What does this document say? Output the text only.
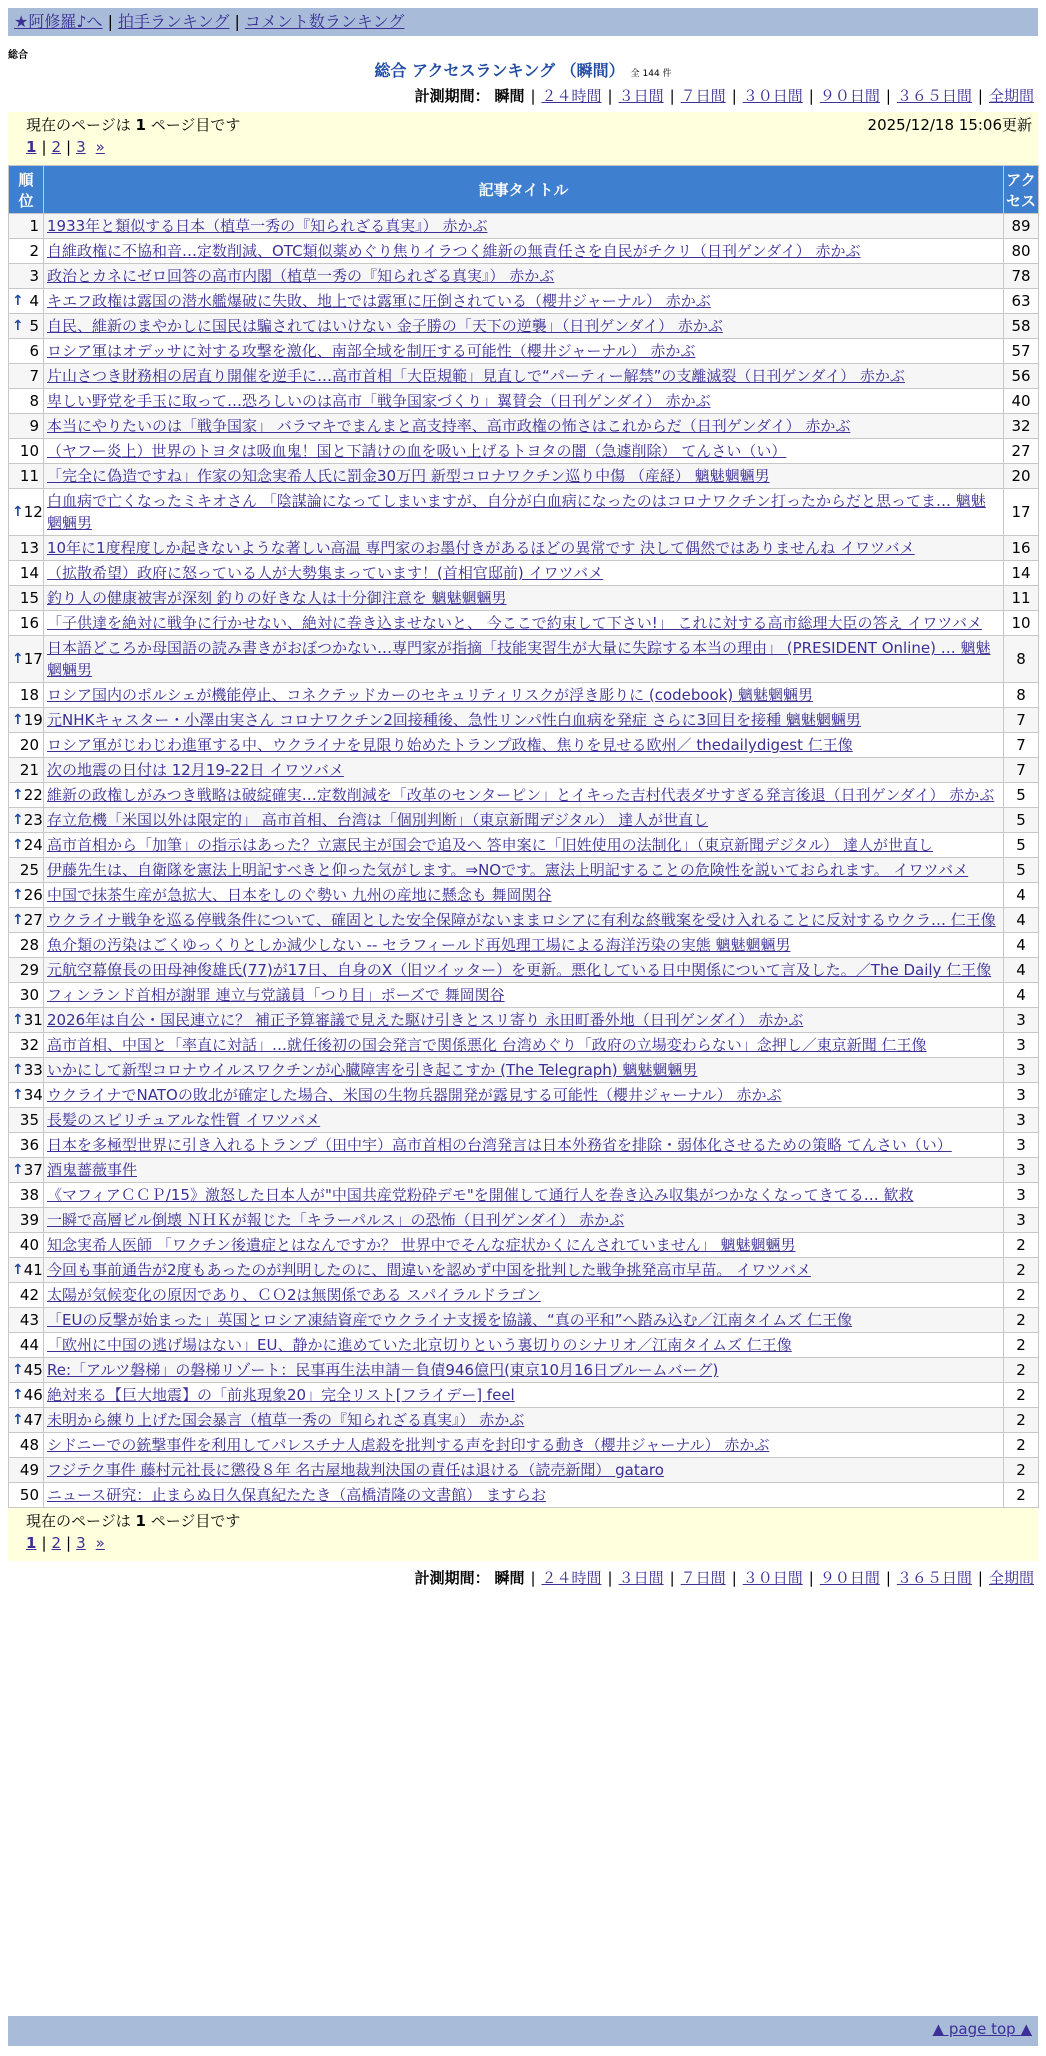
★阿修羅♪へ | 拍手ランキング | コメント数ランキング
総合
総合 アクセスランキング （瞬間） 全 144 件
計測期間： 瞬間 | ２４時間 | ３日間 | ７日間 | ３０日間 | ９０日間 | ３６５日間 | 全期間
現在のページは 1 ページ目です	2025/12/18 15:06更新
1 | 2 | 3 »
順
位	記事タイトル	アク
セス
1	1933年と類似する日本（植草一秀の『知られざる真実』） 赤かぶ	89
2	自維政権に不協和音…定数削減、OTC類似薬めぐり焦りイラつく維新の無責任さを自民がチクリ（日刊ゲンダイ） 赤かぶ	80
3	政治とカネにゼロ回答の高市内閣（植草一秀の『知られざる真実』） 赤かぶ	78

↑ 4	キエフ政権は露国の潜水艦爆破に失敗、地上では露軍に圧倒されている（櫻井ジャーナル） 赤かぶ	63

↑ 5	自民、維新のまやかしに国民は騙されてはいけない 金子勝の「天下の逆襲」（日刊ゲンダイ） 赤かぶ	58
6	ロシア軍はオデッサに対する攻撃を激化、南部全域を制圧する可能性（櫻井ジャーナル） 赤かぶ	57
7	片山さつき財務相の居直り開催を逆手に…高市首相「大臣規範」見直しで“パーティー解禁”の支離滅裂（日刊ゲンダイ） 赤かぶ	56
8	卑しい野党を手玉に取って…恐ろしいのは高市「戦争国家づくり」翼賛会（日刊ゲンダイ） 赤かぶ	40
9	本当にやりたいのは「戦争国家」 バラマキでまんまと高支持率、高市政権の怖さはこれからだ（日刊ゲンダイ） 赤かぶ	32
10	（ヤフー炎上）世界のトヨタは吸血鬼！国と下請けの血を吸い上げるトヨタの闇（急遽削除） てんさい（い）	27
11	「完全に偽造ですね」作家の知念実希人氏に罰金30万円 新型コロナワクチン巡り中傷 （産経） 魑魅魍魎男	20

↑ 12	白血病で亡くなったミキオさん 「陰謀論になってしまいますが、自分が白血病になったのはコロナワクチン打ったからだと思ってま… 魑魅魍魎男	17
13	10年に1度程度しか起きないような著しい高温 専門家のお墨付きがあるほどの異常です 決して偶然ではありませんね イワツバメ	16
14	（拡散希望）政府に怒っている人が大勢集まっています！(首相官邸前) イワツバメ	14
15	釣り人の健康被害が深刻 釣りの好きな人は十分御注意を 魑魅魍魎男	11
16	「子供達を絶対に戦争に行かせない、絶対に巻き込ませないと、 今ここで約束して下さい!」 これに対する高市総理大臣の答え イワツバメ	10

↑ 17	日本語どころか母国語の読み書きがおぼつかない…専門家が指摘「技能実習生が大量に失踪する本当の理由」 (PRESIDENT Online) … 魑魅魍魎男	8
18	ロシア国内のポルシェが機能停止、コネクテッドカーのセキュリティリスクが浮き彫りに (codebook) 魑魅魍魎男	8

↑ 19	元NHKキャスター・小澤由実さん コロナワクチン2回接種後、急性リンパ性白血病を発症 さらに3回目を接種 魑魅魍魎男	7
20	ロシア軍がじわじわ進軍する中、ウクライナを見限り始めたトランプ政権、焦りを見せる欧州／ thedailydigest 仁王像	7
21	次の地震の日付は 12月19-22日 イワツバメ	7

↑ 22	維新の政権しがみつき戦略は破綻確実…定数削減を「改革のセンターピン」とイキった吉村代表ダサすぎる発言後退（日刊ゲンダイ） 赤かぶ	5

↑ 23	存立危機「米国以外は限定的」 高市首相、台湾は「個別判断」（東京新聞デジタル） 達人が世直し	5

↑ 24	高市首相から「加筆」の指示はあった？立憲民主が国会で追及へ 答申案に「旧姓使用の法制化」（東京新聞デジタル） 達人が世直し	5
25	伊藤先生は、自衛隊を憲法上明記すべきと仰った気がします。⇒NOです。憲法上明記することの危険性を説いておられます。 イワツバメ	5

↑ 26	中国で抹茶生産が急拡大、日本をしのぐ勢い 九州の産地に懸念も 舞岡関谷	4

↑ 27	ウクライナ戦争を巡る停戦条件について、確固とした安全保障がないままロシアに有利な終戦案を受け入れることに反対するウクラ… 仁王像	4
28	魚介類の汚染はごくゆっくりとしか減少しない -- セラフィールド再処理工場による海洋汚染の実態 魑魅魍魎男	4
29	元航空幕僚長の田母神俊雄氏(77)が17日、自身のX（旧ツイッター）を更新。悪化している日中関係について言及した。／The Daily 仁王像	4
30	フィンランド首相が謝罪 連立与党議員「つり目」ポーズで 舞岡関谷	4

↑ 31	2026年は自公・国民連立に？ 補正予算審議で見えた駆け引きとスリ寄り 永田町番外地（日刊ゲンダイ） 赤かぶ	3
32	高市首相、中国と「率直に対話」…就任後初の国会発言で関係悪化 台湾めぐり「政府の立場変わらない」念押し／東京新聞 仁王像	3

↑ 33	いかにして新型コロナウイルスワクチンが心臓障害を引き起こすか (The Telegraph) 魑魅魍魎男	3

↑ 34	ウクライナでNATOの敗北が確定した場合、米国の生物兵器開発が露見する可能性（櫻井ジャーナル） 赤かぶ	3
35	長髪のスピリチュアルな性質 イワツバメ	3
36	日本を多極型世界に引き入れるトランプ（田中宇）高市首相の台湾発言は日本外務省を排除・弱体化させるための策略 てんさい（い）	3

↑ 37	酒鬼薔薇事件	3
38	《マフィアＣＣＰ/15》激怒した日本人が"中国共産党粉砕デモ"を開催して通行人を巻き込み収集がつかなくなってきてる… 歓救	3
39	一瞬で高層ビル倒壊 ＮＨＫが報じた「キラーパルス」の恐怖（日刊ゲンダイ） 赤かぶ	3
40	知念実希人医師 「ワクチン後遺症とはなんですか？ 世界中でそんな症状かくにんされていません」 魑魅魍魎男	2

↑ 41	今回も事前通告が2度もあったのが判明したのに、間違いを認めず中国を批判した戦争挑発高市早苗。 イワツバメ	2
42	太陽が気候変化の原因であり、ＣＯ2は無関係である スパイラルドラゴン	2
43	「EUの反撃が始まった」英国とロシア凍結資産でウクライナ支援を協議、“真の平和”へ踏み込む／江南タイムズ 仁王像	2
44	「欧州に中国の逃げ場はない」EU、静かに進めていた北京切りという裏切りのシナリオ／江南タイムズ 仁王像	2

↑ 45	Re:「アルツ磐梯」の磐梯リゾート：民事再生法申請－負債946億円(東京10月16日ブルームバーグ)	2

↑ 46	絶対来る【巨大地震】の「前兆現象20」完全リスト[フライデー] feel	2

↑ 47	未明から練り上げた国会暴言（植草一秀の『知られざる真実』） 赤かぶ	2
48	シドニーでの銃撃事件を利用してパレスチナ人虐殺を批判する声を封印する動き（櫻井ジャーナル） 赤かぶ	2
49	フジテク事件 藤村元社長に懲役８年 名古屋地裁判決国の責任は退ける（読売新聞） gataro	2
50	ニュース研究：止まらぬ日久保真紀たたき（高橋清隆の文書館） ますらお	2
現在のページは 1 ページ目です
1 | 2 | 3 »
計測期間： 瞬間 | ２４時間 | ３日間 | ７日間 | ３０日間 | ９０日間 | ３６５日間 | 全期間
▲ page top ▲
